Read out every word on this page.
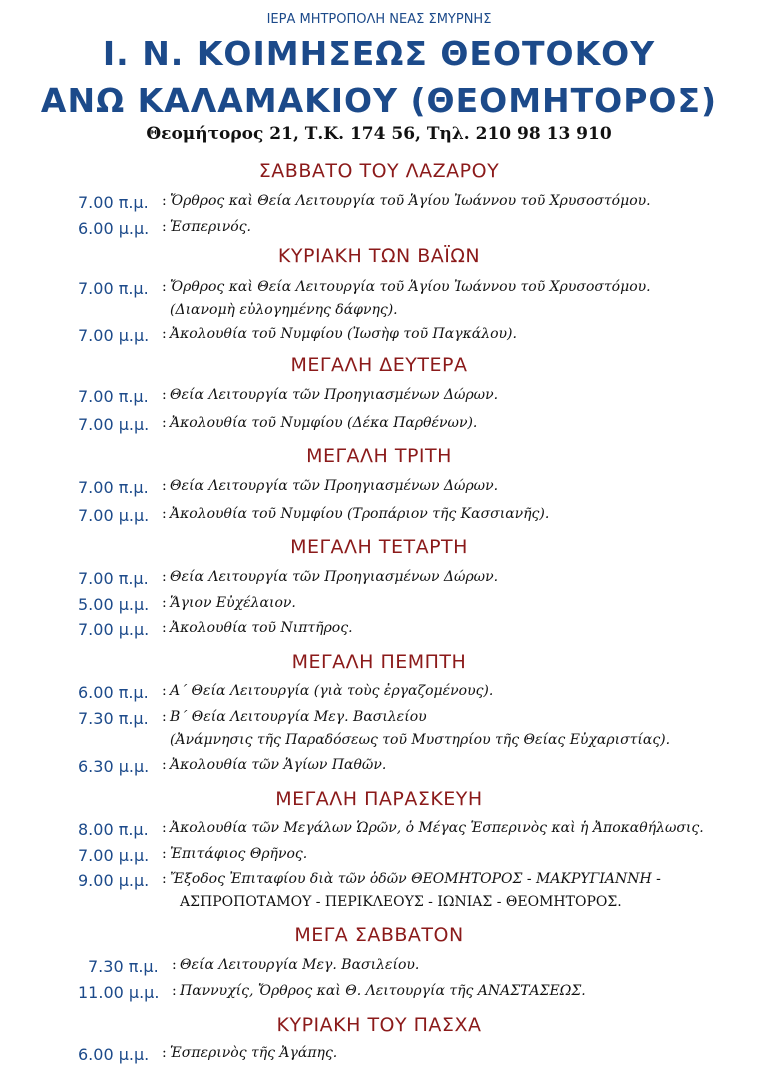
ΙΕΡΑ ΜΗΤΡΟΠΟΛΗ ΝΕΑΣ ΣΜΥΡΝΗΣ
Ι. Ν. ΚΟΙΜΗΣΕΩΣ ΘΕΟΤΟΚΟΥ
ΑΝΩ ΚΑΛΑΜΑΚΙΟΥ (ΘΕΟΜΗΤΟΡΟΣ)
Θεομήτορος 21, Τ.Κ. 174 56, Τηλ. 210 98 13 910
ΣΑΒΒΑΤΟ ΤΟΥ ΛΑΖΑΡΟΥ
7.00 π.μ. : Ὄρθρος καὶ Θεία Λειτουργία τοῦ Ἁγίου Ἰωάννου τοῦ Χρυσοστόμου.
6.00 μ.μ. : Ἑσπερινός.
ΚΥΡΙΑΚΗ ΤΩΝ ΒΑΪΩΝ
7.00 π.μ. : Ὄρθρος καὶ Θεία Λειτουργία τοῦ Ἁγίου Ἰωάννου τοῦ Χρυσοστόμου.
(Διανομὴ εὐλογημένης δάφνης).
7.00 μ.μ. : Ἀκολουθία τοῦ Νυμφίου (Ἰωσὴφ τοῦ Παγκάλου).
ΜΕΓΑΛΗ ΔΕΥΤΕΡΑ
7.00 π.μ. : Θεία Λειτουργία τῶν Προηγιασμένων Δώρων.
7.00 μ.μ. : Ἀκολουθία τοῦ Νυμφίου (Δέκα Παρθένων).
ΜΕΓΑΛΗ ΤΡΙΤΗ
7.00 π.μ. : Θεία Λειτουργία τῶν Προηγιασμένων Δώρων.
7.00 μ.μ. : Ἀκολουθία τοῦ Νυμφίου (Τροπάριον τῆς Κασσιανῆς).
ΜΕΓΑΛΗ ΤΕΤΑΡΤΗ
7.00 π.μ. : Θεία Λειτουργία τῶν Προηγιασμένων Δώρων.
5.00 μ.μ. : Ἅγιον Εὐχέλαιον.
7.00 μ.μ. : Ἀκολουθία τοῦ Νιπτῆρος.
ΜΕΓΑΛΗ ΠΕΜΠΤΗ
6.00 π.μ. : Α΄ Θεία Λειτουργία (γιὰ τοὺς ἐργαζομένους).
7.30 π.μ. : Β΄ Θεία Λειτουργία Μεγ. Βασιλείου
(Ἀνάμνησις τῆς Παραδόσεως τοῦ Μυστηρίου τῆς Θείας Εὐχαριστίας).
6.30 μ.μ. : Ἀκολουθία τῶν Ἁγίων Παθῶν.
ΜΕΓΑΛΗ ΠΑΡΑΣΚΕΥΗ
8.00 π.μ. : Ἀκολουθία τῶν Μεγάλων Ὡρῶν, ὁ Μέγας Ἑσπερινὸς καὶ ἡ Ἀποκαθήλωσις.
7.00 μ.μ. : Ἐπιτάφιος Θρῆνος.
9.00 μ.μ. : Ἔξοδος Ἐπιταφίου διὰ τῶν ὁδῶν ΘΕΟΜΗΤΟΡΟΣ - ΜΑΚΡΥΓΙΑΝΝΗ -
ΑΣΠΡΟΠΟΤΑΜΟΥ - ΠΕΡΙΚΛΕΟΥΣ - ΙΩΝΙΑΣ - ΘΕΟΜΗΤΟΡΟΣ.
ΜΕΓΑ ΣΑΒΒΑΤΟΝ
7.30 π.μ. : Θεία Λειτουργία Μεγ. Βασιλείου.
11.00 μ.μ. : Παννυχίς, Ὄρθρος καὶ Θ. Λειτουργία τῆς ΑΝΑΣΤΑΣΕΩΣ.
ΚΥΡΙΑΚΗ ΤΟΥ ΠΑΣΧΑ
6.00 μ.μ. : Ἑσπερινὸς τῆς Ἀγάπης.
